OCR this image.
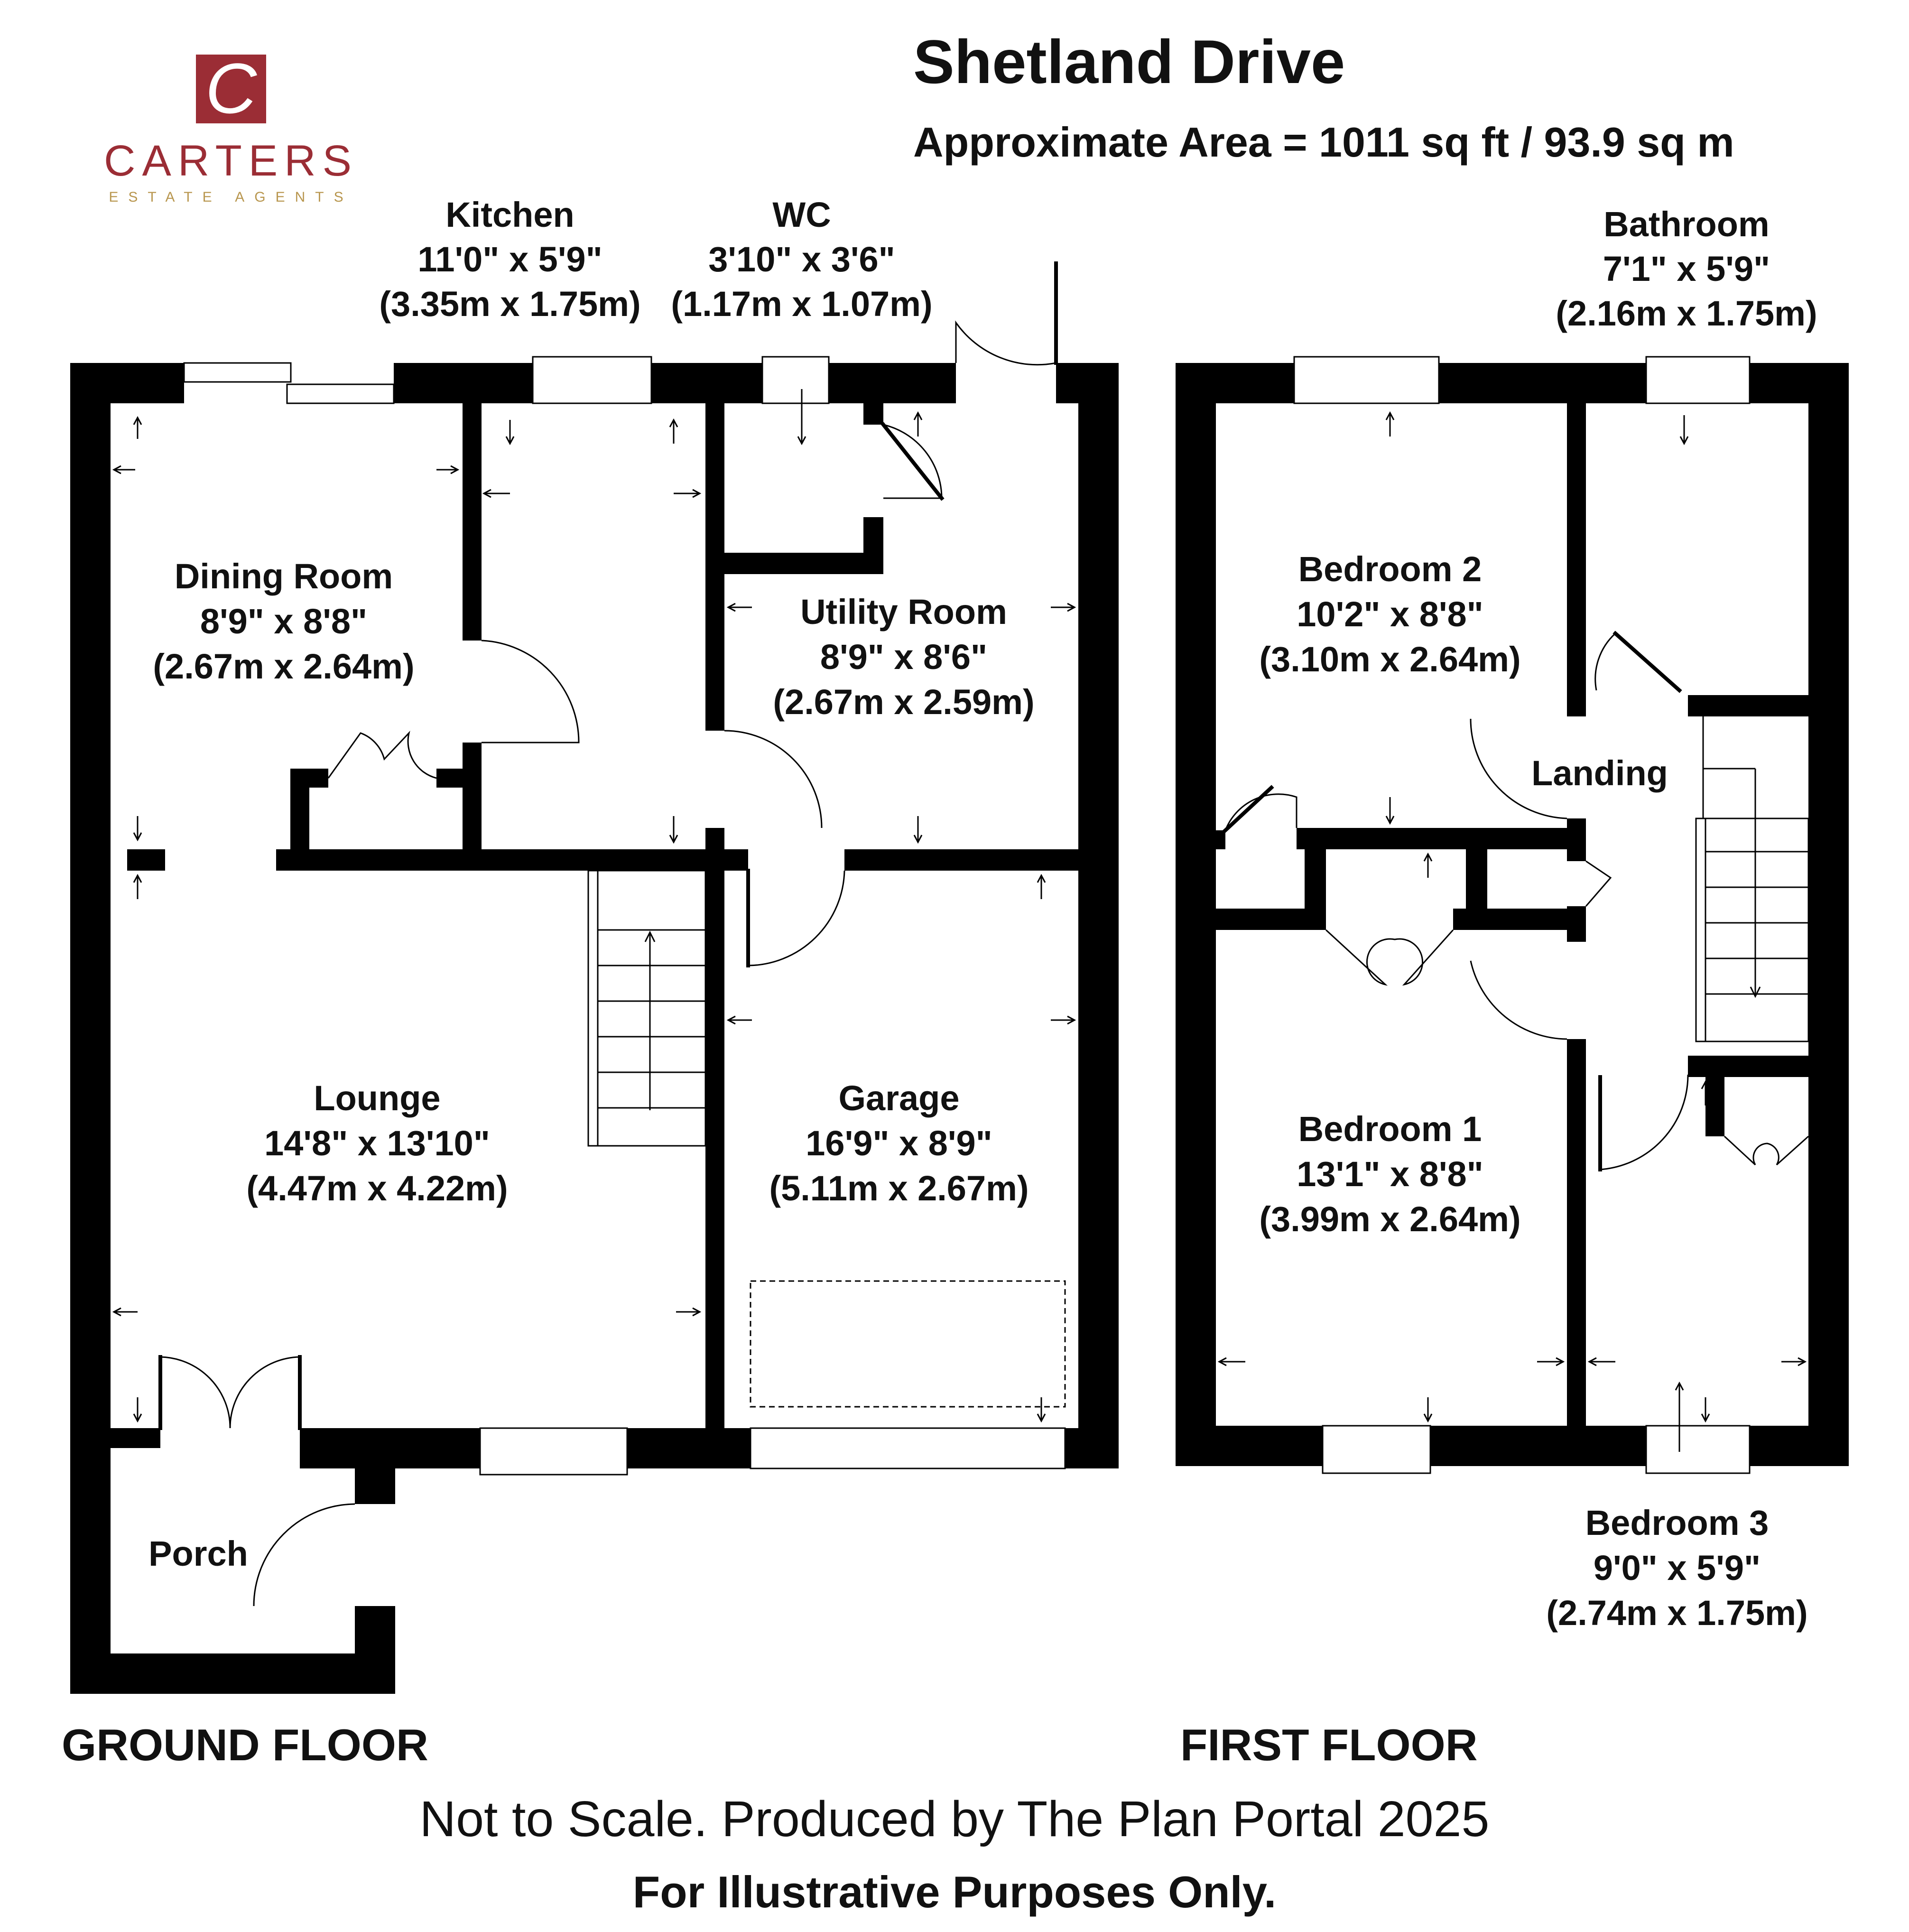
C
CARTERS
ESTATE AGENTS
Shetland Drive
Approximate Area = 1011 sq ft / 93.9 sq m
Dining Room
8'9" x 8'8"
(2.67m x 2.64m)
Kitchen
11'0" x 5'9"
(3.35m x 1.75m)
WC
3'10" x 3'6"
(1.17m x 1.07m)
Utility Room
8'9" x 8'6"
(2.67m x 2.59m)
Lounge
14'8" x 13'10"
(4.47m x 4.22m)
Garage
16'9" x 8'9"
(5.11m x 2.67m)
Porch
Bathroom
7'1" x 5'9"
(2.16m x 1.75m)
Bedroom 2
10'2" x 8'8"
(3.10m x 2.64m)
Landing
Bedroom 1
13'1" x 8'8"
(3.99m x 2.64m)
Bedroom 3
9'0" x 5'9"
(2.74m x 1.75m)
GROUND FLOOR	FIRST FLOOR
Not to Scale. Produced by The Plan Portal 2025
For Illustrative Purposes Only.
